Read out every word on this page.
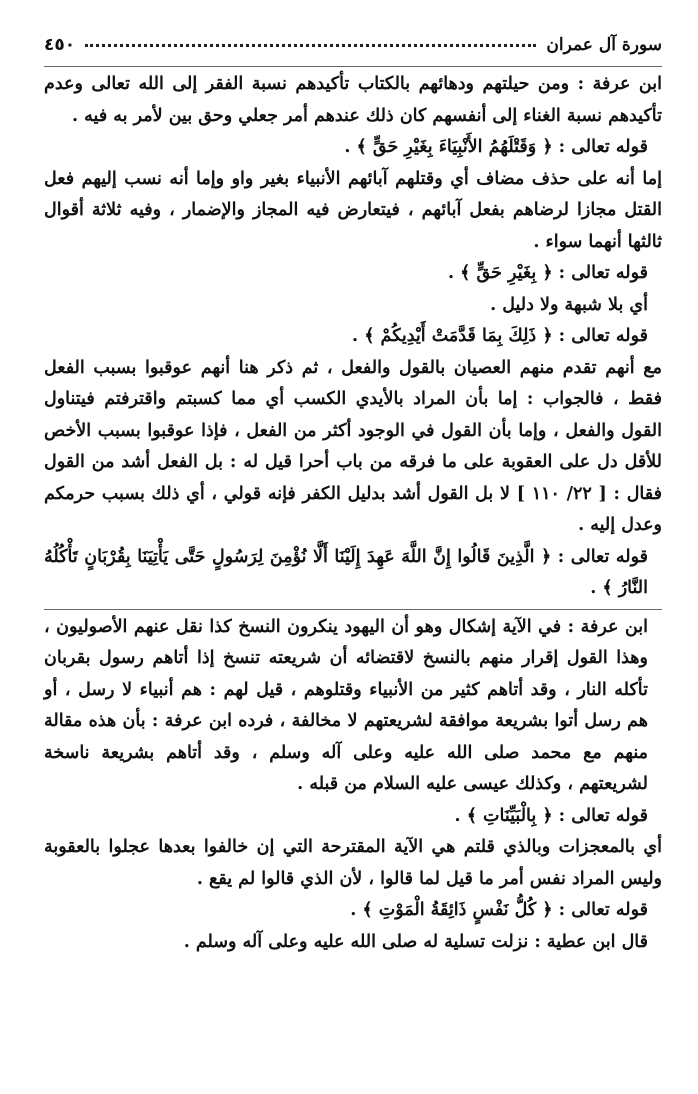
سورة آل عمران
٤٥٠

ابن عرفة : ومن حيلتهم ودهائهم بالكتاب تأكيدهم نسبة الفقر إلى الله تعالى وعدم تأكيدهم نسبة الغناء إلى أنفسهم كان ذلك عندهم أمر جعلي وحق بين لأمر به فيه .

قوله تعالى : ﴿ وَقَتْلَهُمُ الأَنْبِيَاءَ بِغَيْرِ حَقٍّ ﴾ .

إما أنه على حذف مضاف أي وقتلهم آبائهم الأنبياء بغير واو وإما أنه نسب إليهم فعل القتل مجازا لرضاهم بفعل آبائهم ، فيتعارض فيه المجاز والإضمار ، وفيه ثلاثة أقوال ثالثها أنهما سواء .

قوله تعالى : ﴿ بِغَيْرِ حَقٍّ ﴾ .

أي بلا شبهة ولا دليل .

قوله تعالى : ﴿ ذَلِكَ بِمَا قَدَّمَتْ أَيْدِيكُمْ ﴾ .

مع أنهم تقدم منهم العصيان بالقول والفعل ، ثم ذكر هنا أنهم عوقبوا بسبب الفعل فقط ، فالجواب : إما بأن المراد بالأيدي الكسب أي مما كسبتم واقترفتم فيتناول القول والفعل ، وإما بأن القول في الوجود أكثر من الفعل ، فإذا عوقبوا بسبب الأخص للأقل دل على العقوبة على ما فرقه من باب أحرا قيل له : بل الفعل أشد من القول فقال : [ ٢٢/ ١١٠ ] لا بل القول أشد بدليل الكفر فإنه قولي ، أي ذلك بسبب حرمكم وعدل إليه .

قوله تعالى : ﴿ الَّذِينَ قَالُوا إِنَّ اللَّهَ عَهِدَ إِلَيْنَا أَلَّا نُؤْمِنَ لِرَسُولٍ حَتَّى يَأْتِيَنَا بِقُرْبَانٍ تَأْكُلُهُ النَّارُ ﴾ .

ابن عرفة : في الآية إشكال وهو أن اليهود ينكرون النسخ كذا نقل عنهم الأصوليون ، وهذا القول إقرار منهم بالنسخ لاقتضائه أن شريعته تنسخ إذا أتاهم رسول بقربان تأكله النار ، وقد أتاهم كثير من الأنبياء وقتلوهم ، قيل لهم : هم أنبياء لا رسل ، أو هم رسل أتوا بشريعة موافقة لشريعتهم لا مخالفة ، فرده ابن عرفة : بأن هذه مقالة منهم مع محمد صلى الله عليه وعلى آله وسلم ، وقد أتاهم بشريعة ناسخة لشريعتهم ، وكذلك عيسى عليه السلام من قبله .

قوله تعالى : ﴿ بِالْبَيِّنَاتِ ﴾ .

أي بالمعجزات وبالذي قلتم هي الآية المقترحة التي إن خالفوا بعدها عجلوا بالعقوبة وليس المراد نفس أمر ما قيل لما قالوا ، لأن الذي قالوا لم يقع .

قوله تعالى : ﴿ كُلُّ نَفْسٍ ذَائِقَةُ الْمَوْتِ ﴾ .

قال ابن عطية : نزلت تسلية له صلى الله عليه وعلى آله وسلم .
